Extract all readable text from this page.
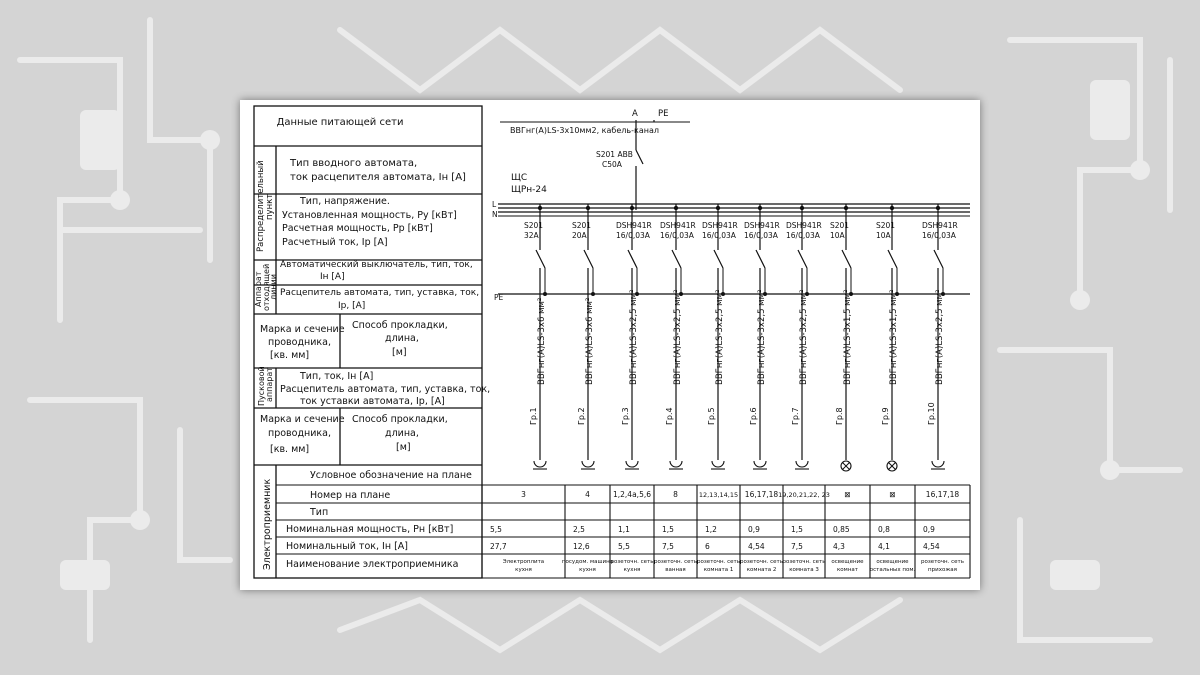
Данные питающей сети
Распределительный пункт
Тип вводного автомата,
ток расцепителя автомата, Iн [А]
Тип, напряжение.
Установленная мощность, Pу [кВт]
Расчетная мощность, Pр [кВт]
Расчетный ток, Iр [А]
Аппарат отходящей
линии
Автоматический выключатель, тип, ток,
Iн [А]
Расцепитель автомата, тип, уставка, ток,
Iр, [А]
Марка и сечение
проводника,
[кв. мм]
Способ прокладки,
длина,
[м]
Пусковой аппарат	Тип, ток, Iн [А]
Расцепитель автомата, тип, уставка, ток,
ток уставки автомата, Iр, [А]
Марка и сечение
проводника,
[кв. мм]
Способ прокладки,
длина,
[м]
Электроприемник
Условное обозначение на плане
Номер на плане
Тип
Номинальная мощность, Pн [кВт]
Номинальный ток, Iн [А]
Наименование электроприемника
A PE
ВВГнг(А)LS-3х10мм2, кабель-канал
S201 ABB
C50A
ЩС
ЩРн-24
L
N
PE
S201
32A
ВВГнг(А)LS-3х6 мм²
Гр.1
3
5,5
27,7
Электроплита
кухня
S201
20A
ВВГнг(А)LS-3х6 мм²
Гр.2
4
2,5
12,6
посудом. машина
кухня
DSH941R
16/0,03A
ВВГнг(А)LS-3х2,5 мм²
Гр.3
1,2,4а,5,6
1,1
5,5
розеточн. сеть
кухня
DSH941R
16/0,03A
ВВГнг(А)LS-3х2,5 мм²
Гр.4
8
1,5
7,5
розеточн. сеть
ванная
DSH941R
16/0,03A
ВВГнг(А)LS-3х2,5 мм²
Гр.5
12,13,14,15
1,2
6
розеточн. сеть
комната 1
DSH941R
16/0,03A
ВВГнг(А)LS-3х2,5 мм²
Гр.6
16,17,18
0,9
4,54
розеточн. сеть
комната 2
DSH941R
16/0,03A
ВВГнг(А)LS-3х2,5 мм²
Гр.7
19,20,21,22, 23
1,5
7,5
розеточн. сеть
комната 3
S201
10A
ВВГнг(А)LS-3х1,5 мм²
Гр.8
⊠
0,85
4,3
освещение
комнат
S201
10A
ВВГнг(А)LS-3х1,5 мм²
Гр.9
⊠
0,8
4,1
освещение
остальных пом.
DSH941R
16/0,03A
ВВГнг(А)LS-3х2,5 мм²
Гр.10
16,17,18
0,9
4,54
розеточн. сеть
прихожая
